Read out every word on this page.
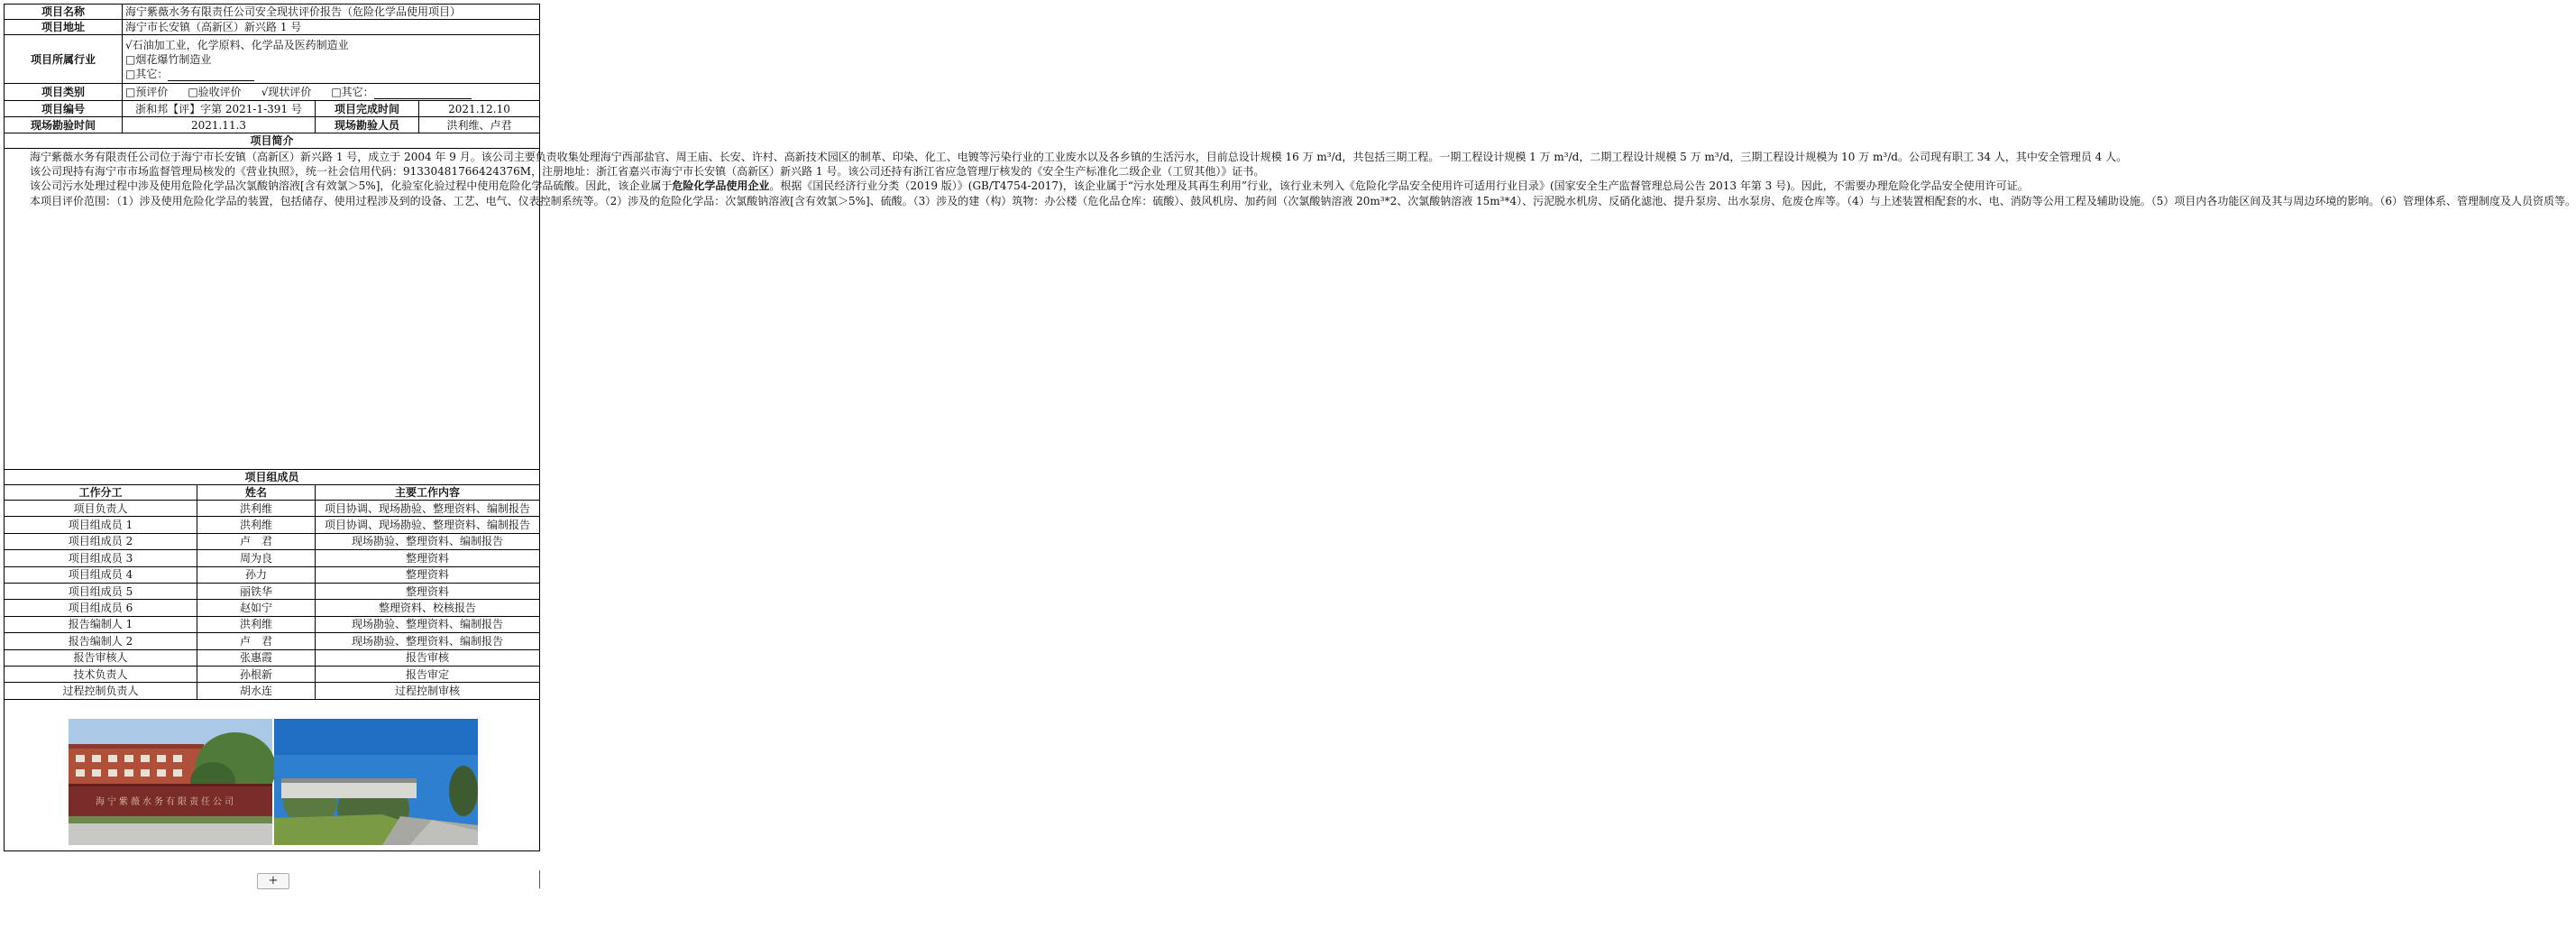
项目名称	海宁紫薇水务有限责任公司安全现状评价报告（危险化学品使用项目）			
项目地址	海宁市长安镇（高新区）新兴路 1 号			
项目所属行业	√石油加工业，化学原料、化学品及医药制造业
□烟花爆竹制造业
□其它：			

项目类别	□预评价 □验收评价 √现状评价 □其它：			
项目编号	浙和邦【评】字第 2021-1-391 号		项目完成时间	2021.12.10
现场勘验时间	2021.11.3		现场勘验人员	洪利维、卢君
项目简介				

海宁紫薇水务有限责任公司位于海宁市长安镇（高新区）新兴路 1 号，成立于 2004 年 9 月。该公司主要负责收集处理海宁西部盐官、周王庙、长安、许村、高新技术园区的制革、印染、化工、电镀等污染行业的工业废水以及各乡镇的生活污水，目前总设计规模 16 万 m³/d，共包括三期工程。一期工程设计规模 1 万 m³/d，二期工程设计规模 5 万 m³/d，三期工程设计规模为 10 万 m³/d。公司现有职工 34 人，其中安全管理员 4 人。

该公司现持有海宁市市场监督管理局核发的《营业执照》，统一社会信用代码：91330481766424376M，注册地址：浙江省嘉兴市海宁市长安镇（高新区）新兴路 1 号。该公司还持有浙江省应急管理厅核发的《安全生产标准化二级企业（工贸其他）》证书。

该公司污水处理过程中涉及使用危险化学品次氯酸钠溶液[含有效氯＞5%]，化验室化验过程中使用危险化学品硫酸。因此，该企业属于危险化学品使用企业。根据《国民经济行业分类（2019 版）》(GB/T4754-2017)，该企业属于“污水处理及其再生利用”行业，该行业未列入《危险化学品安全使用许可适用行业目录》(国家安全生产监督管理总局公告 2013 年第 3 号)。因此，不需要办理危险化学品安全使用许可证。

本项目评价范围：（1）涉及使用危险化学品的装置，包括储存、使用过程涉及到的设备、工艺、电气、仪表控制系统等。（2）涉及的危险化学品：次氯酸钠溶液[含有效氯＞5%]、硫酸。（3）涉及的建（构）筑物：办公楼（危化品仓库：硫酸）、鼓风机房、加药间（次氯酸钠溶液 20m³*2、次氯酸钠溶液 15m³*4）、污泥脱水机房、反硝化滤池、提升泵房、出水泵房、危废仓库等。（4）与上述装置相配套的水、电、消防等公用工程及辅助设施。（5）项目内各功能区间及其与周边环境的影响。（6）管理体系、管理制度及人员资质等。				

项目组成员				
工作分工		姓名	主要工作内容	
项目负责人		洪利维	项目协调、现场勘验、整理资料、编制报告	
项目组成员 1		洪利维	项目协调、现场勘验、整理资料、编制报告	
项目组成员 2		卢　君	现场勘验、整理资料、编制报告	
项目组成员 3		周为良	整理资料	
项目组成员 4		孙力	整理资料	
项目组成员 5		丽铁华	整理资料	
项目组成员 6		赵如宁	整理资料、校核报告	
报告编制人 1		洪利维	现场勘验、整理资料、编制报告	
报告编制人 2		卢　君	现场勘验、整理资料、编制报告	
报告审核人		张惠霞	报告审核	
技术负责人		孙根新	报告审定	
过程控制负责人		胡水连	过程控制审核	

海宁紫薇水务有限责任公司
+
